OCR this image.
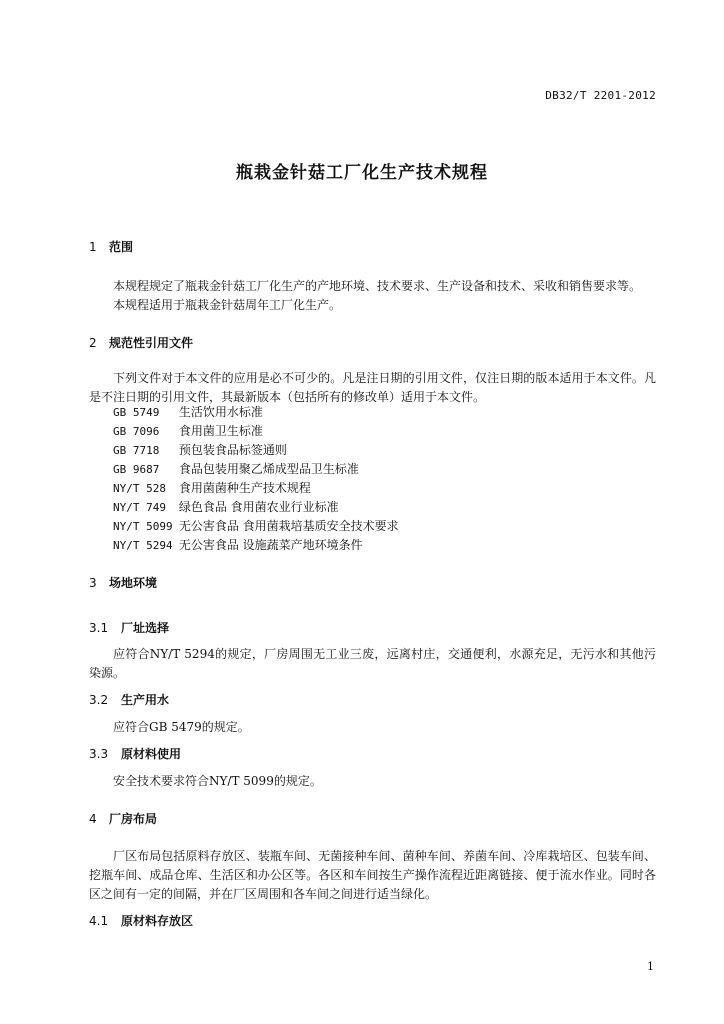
DB32/T 2201-2012
瓶栽金针菇工厂化生产技术规程
1 范围
本规程规定了瓶栽金针菇工厂化生产的产地环境、技术要求、生产设备和技术、采收和销售要求等。
本规程适用于瓶栽金针菇周年工厂化生产。
2 规范性引用文件
下列文件对于本文件的应用是必不可少的。凡是注日期的引用文件，仅注日期的版本适用于本文件。凡是不注日期的引用文件，其最新版本（包括所有的修改单）适用于本文件。
GB 5749 生活饮用水标准
GB 7096 食用菌卫生标准
GB 7718 预包装食品标签通则
GB 9687 食品包装用聚乙烯成型品卫生标准
NY/T 528 食用菌菌种生产技术规程
NY/T 749 绿色食品 食用菌农业行业标准
NY/T 5099 无公害食品 食用菌栽培基质安全技术要求
NY/T 5294 无公害食品 设施蔬菜产地环境条件
3 场地环境
3.1 厂址选择
应符合NY/T 5294的规定，厂房周围无工业三废，远离村庄，交通便利，水源充足，无污水和其他污染源。
3.2 生产用水
应符合GB 5479的规定。
3.3 原材料使用
安全技术要求符合NY/T 5099的规定。
4 厂房布局
厂区布局包括原料存放区、装瓶车间、无菌接种车间、菌种车间、养菌车间、冷库栽培区、包装车间、挖瓶车间、成品仓库、生活区和办公区等。各区和车间按生产操作流程近距离链接、便于流水作业。同时各区之间有一定的间隔，并在厂区周围和各车间之间进行适当绿化。
4.1 原材料存放区
1
